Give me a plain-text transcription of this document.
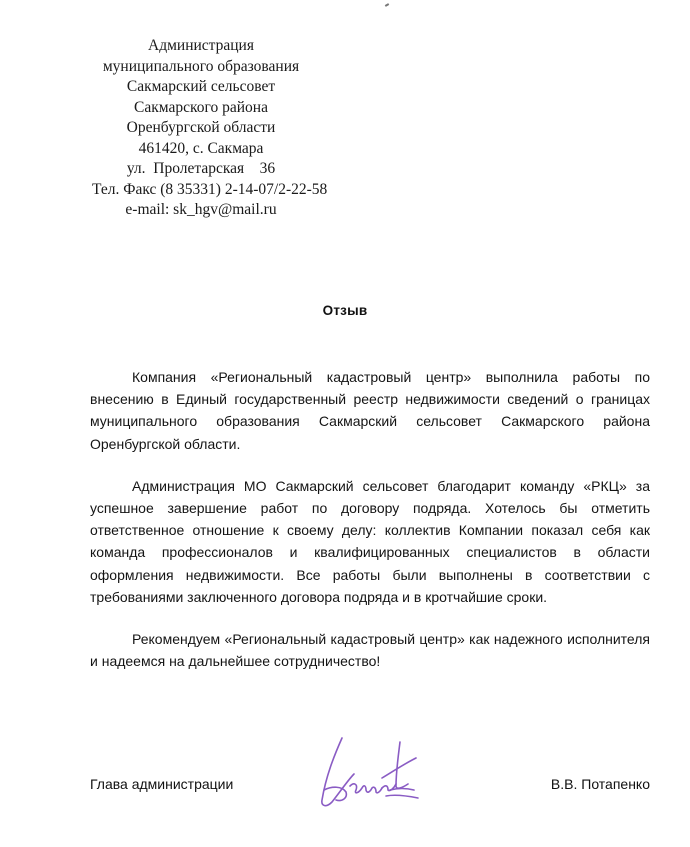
Администрация
муниципального образования
Сакмарский сельсовет
Сакмарского района
Оренбургской области
461420, с. Сакмара
ул.  Пролетарская    36
Тел. Факс (8 35331) 2-14-07/2-22-58
e-mail: sk_hgv@mail.ru
Отзыв

Компания «Региональный кадастровый центр» выполнила работы по внесению в Единый государственный реестр недвижимости сведений о границах муниципального образования Сакмарский сельсовет Сакмарского района Оренбургской области.

Администрация МО Сакмарский сельсовет благодарит команду «РКЦ» за успешное завершение работ по договору подряда. Хотелось бы отметить ответственное отношение к своему делу: коллектив Компании показал себя как команда профессионалов и квалифицированных специалистов в области оформления недвижимости. Все работы были выполнены в соответствии с требованиями заключенного договора подряда и в кротчайшие сроки.

Рекомендуем «Региональный кадастровый центр» как надежного исполнителя и надеемся на дальнейшее сотрудничество!

Глава администрации	В.В. Потапенко
